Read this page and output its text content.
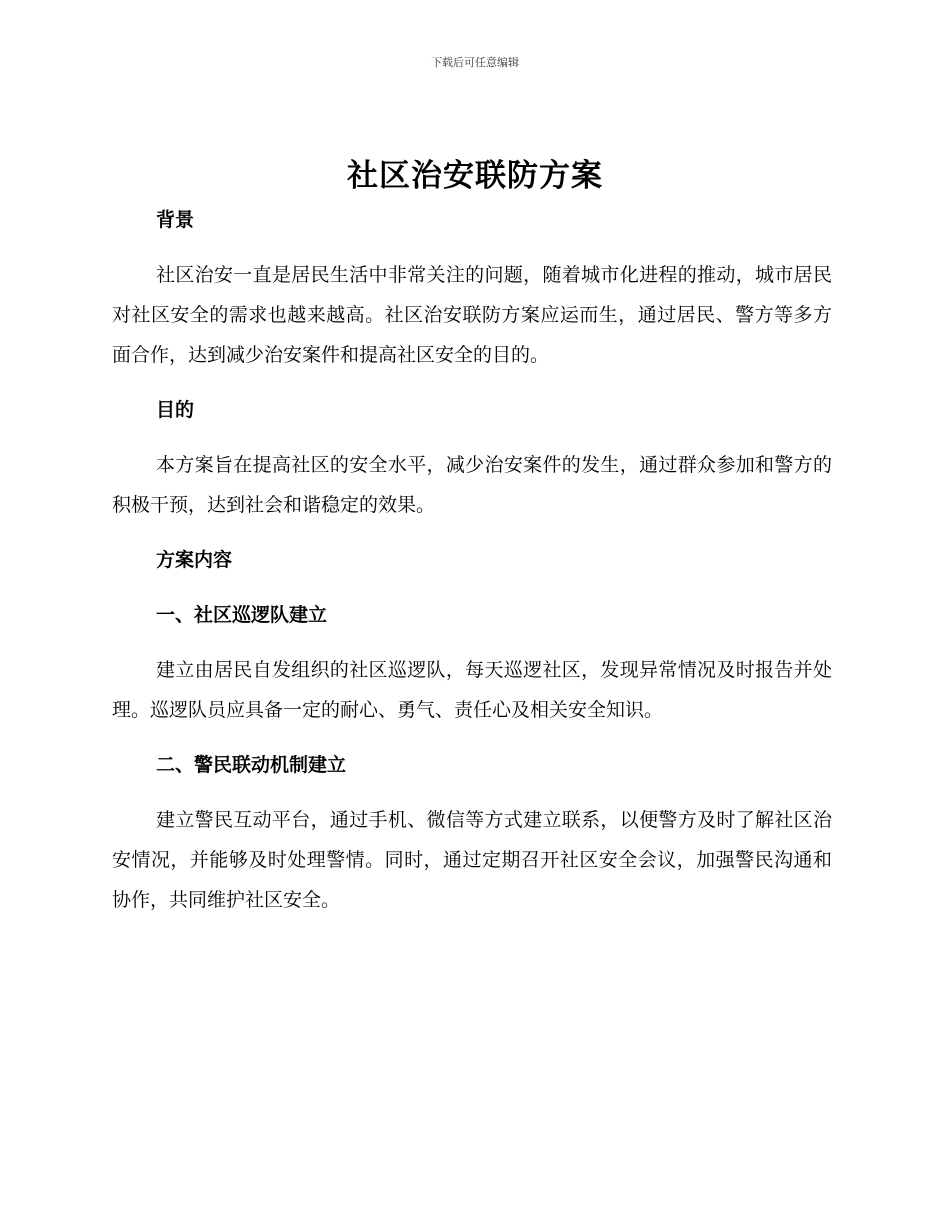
下载后可任意编辑
社区治安联防方案

背景

社区治安一直是居民生活中非常关注的问题，随着城市化进程的推动，城市居民对社区安全的需求也越来越高。社区治安联防方案应运而生，通过居民、警方等多方面合作，达到减少治安案件和提高社区安全的目的。

目的

本方案旨在提高社区的安全水平，减少治安案件的发生，通过群众参加和警方的积极干预，达到社会和谐稳定的效果。

方案内容

一、社区巡逻队建立

建立由居民自发组织的社区巡逻队，每天巡逻社区，发现异常情况及时报告并处理。巡逻队员应具备一定的耐心、勇气、责任心及相关安全知识。

二、警民联动机制建立

建立警民互动平台，通过手机、微信等方式建立联系，以便警方及时了解社区治安情况，并能够及时处理警情。同时，通过定期召开社区安全会议，加强警民沟通和协作，共同维护社区安全。
